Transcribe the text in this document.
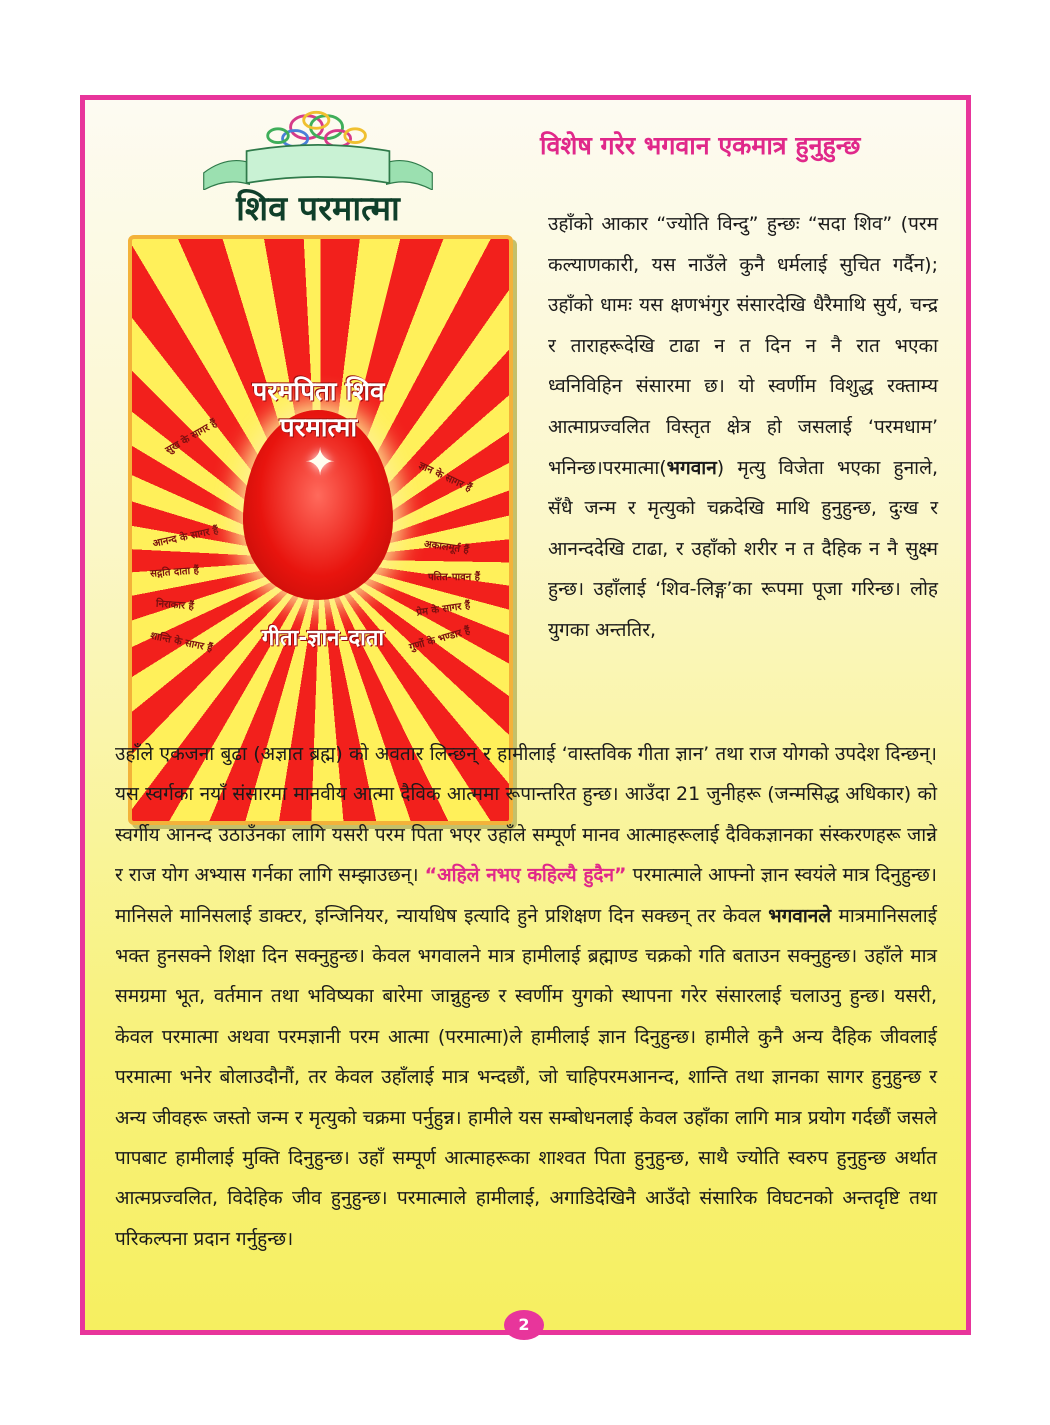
शिव परमात्मा
आनन्द के सागर हैं
सद्गति दाता हैं
निराकार हैं
शान्ति के सागर हैं
अकालमूर्त हैं
पतित-पावन हैं
प्रेम के सागर हैं
गुणों के भण्डार हैं
सुख के सागर हैं
ज्ञान के सागर हैं
✦
परमपिता शिव परमात्मा
गीता-ज्ञान-दाता
विशेष गरेर भगवान एकमात्र हुनुहुन्छ
उहाँको आकार “ज्योति विन्दु” हुन्छः “सदा शिव” (परम कल्याणकारी, यस नाउँले कुनै धर्मलाई सुचित गर्दैन); उहाँको धामः यस क्षणभंगुर संसारदेखि धैरैमाथि सुर्य, चन्द्र र ताराहरूदेखि टाढा न त दिन न नै रात भएका ध्वनिविहिन संसारमा छ। यो स्वर्णीम विशुद्ध रक्ताम्य आत्माप्रज्वलित विस्तृत क्षेत्र हो जसलाई ‘परमधाम’ भनिन्छ।परमात्मा(भगवान) मृत्यु विजेता भएका हुनाले, सँधै जन्म र मृत्युको चक्रदेखि माथि हुनुहुन्छ, दुःख र आनन्ददेखि टाढा, र उहाँको शरीर न त दैहिक न नै सुक्ष्म हुन्छ। उहाँलाई ‘शिव-लिङ्ग’का रूपमा पूजा गरिन्छ। लोह युगका अन्ततिर,
उहाँले एकजना बुढा (अज्ञात ब्रह्म) को अवतार लिन्छन् र हामीलाई ‘वास्तविक गीता ज्ञान’ तथा राज योगको उपदेश दिन्छन्। यस स्वर्गका नयाँ संसारमा मानवीय आत्मा दैविक आत्ममा रूपान्तरित हुन्छ। आउँदा 21 जुनीहरू (जन्मसिद्ध अधिकार) को स्वर्गीय आनन्द उठाउँनका लागि यसरी परम पिता भएर उहाँले सम्पूर्ण मानव आत्माहरूलाई दैविकज्ञानका संस्करणहरू जान्ने र राज योग अभ्यास गर्नका लागि सम्झाउछन्। “अहिले नभए कहिल्यै हुदैन” परमात्माले आफ्नो ज्ञान स्वयंले मात्र दिनुहुन्छ। मानिसले मानिसलाई डाक्टर, इन्जिनियर, न्यायधिष इत्यादि हुने प्रशिक्षण दिन सक्छन् तर केवल भगवानले मात्रमानिसलाई भक्त हुनसक्ने शिक्षा दिन सक्नुहुन्छ। केवल भगवालने मात्र हामीलाई ब्रह्माण्ड चक्रको गति बताउन सक्नुहुन्छ। उहाँले मात्र समग्रमा भूत, वर्तमान तथा भविष्यका बारेमा जान्नुहुन्छ र स्वर्णीम युगको स्थापना गरेर संसारलाई चलाउनु हुन्छ। यसरी, केवल परमात्मा अथवा परमज्ञानी परम आत्मा (परमात्मा)ले हामीलाई ज्ञान दिनुहुन्छ। हामीले कुनै अन्य दैहिक जीवलाई परमात्मा भनेर बोलाउदौनौं, तर केवल उहाँलाई मात्र भन्दछौं, जो चाहिपरमआनन्द, शान्ति तथा ज्ञानका सागर हुनुहुन्छ र अन्य जीवहरू जस्तो जन्म र मृत्युको चक्रमा पर्नुहुन्न। हामीले यस सम्बोधनलाई केवल उहाँका लागि मात्र प्रयोग गर्दछौं जसले पापबाट हामीलाई मुक्ति दिनुहुन्छ। उहाँ सम्पूर्ण आत्माहरूका शाश्वत पिता हुनुहुन्छ, साथै ज्योति स्वरुप हुनुहुन्छ अर्थात आत्मप्रज्वलित, विदेहिक जीव हुनुहुन्छ। परमात्माले हामीलाई, अगाडिदेखिनै आउँदो संसारिक विघटनको अन्तदृष्टि तथा परिकल्पना प्रदान गर्नुहुन्छ।
2
